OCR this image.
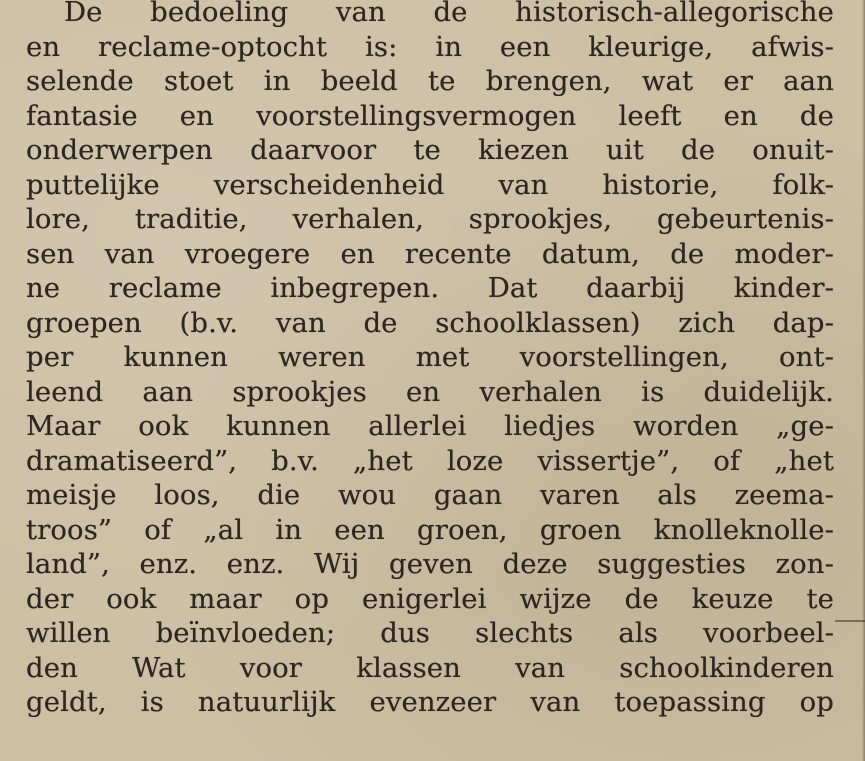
De bedoeling van de historisch-allegorische
en reclame-optocht is: in een kleurige, afwis-
selende stoet in beeld te brengen, wat er aan
fantasie en voorstellingsvermogen leeft en de
onderwerpen daarvoor te kiezen uit de onuit-
puttelijke verscheidenheid van historie, folk-
lore, traditie, verhalen, sprookjes, gebeurtenis-
sen van vroegere en recente datum, de moder-
ne reclame inbegrepen. Dat daarbij kinder-
groepen (b.v. van de schoolklassen) zich dap-
per kunnen weren met voorstellingen, ont-
leend aan sprookjes en verhalen is duidelijk.
Maar ook kunnen allerlei liedjes worden „ge-
dramatiseerd”, b.v. „het loze vissertje”, of „het
meisje loos, die wou gaan varen als zeema-
troos” of „al in een groen, groen knolleknolle-
land”, enz. enz. Wij geven deze suggesties zon-
der ook maar op enigerlei wijze de keuze te
willen beïnvloeden; dus slechts als voorbeel-
den Wat voor klassen van schoolkinderen
geldt, is natuurlijk evenzeer van toepassing op
